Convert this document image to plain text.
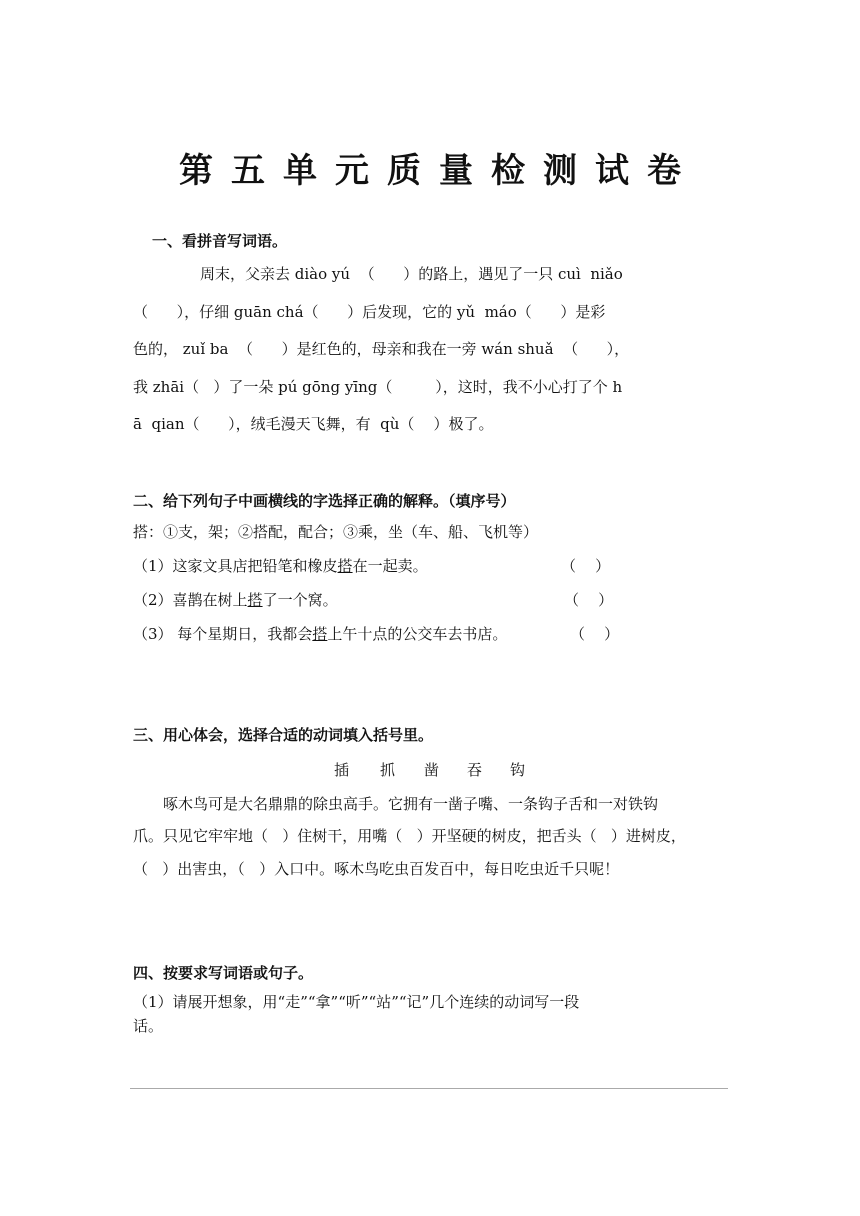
第五单元质量检测试卷
一、看拼音写词语。
周末，父亲去 diào yú  （      ）的路上，遇见了一只 cuì  niǎo
（      ），仔细 guān chá（      ）后发现，它的 yǔ  máo（      ）是彩
色的， zuǐ ba  （      ）是红色的，母亲和我在一旁 wán shuǎ  （      ），
我 zhāi（   ）了一朵 pú gōng yīng（         ），这时，我不小心打了个 h
ā  qian（      ），绒毛漫天飞舞，有  qù（    ）极了。
二、给下列句子中画横线的字选择正确的解释。（填序号）
搭：①支，架；②搭配，配合；③乘，坐（车、船、飞机等）
（1）这家文具店把铅笔和橡皮搭在一起卖。	（    ）
（2）喜鹊在树上搭了一个窝。	（    ）
（3） 每个星期日，我都会搭上午十点的公交车去书店。	（    ）
三、用心体会，选择合适的动词填入括号里。
插 抓 凿 吞 钩
啄木鸟可是大名鼎鼎的除虫高手。它拥有一凿子嘴、一条钩子舌和一对铁钩
爪。只见它牢牢地（   ）住树干，用嘴（   ）开坚硬的树皮，把舌头（   ）进树皮，
（   ）出害虫，（   ）入口中。啄木鸟吃虫百发百中，每日吃虫近千只呢！
四、按要求写词语或句子。
（1）请展开想象，用“走”“拿”“听”“站”“记”几个连续的动词写一段
话。
